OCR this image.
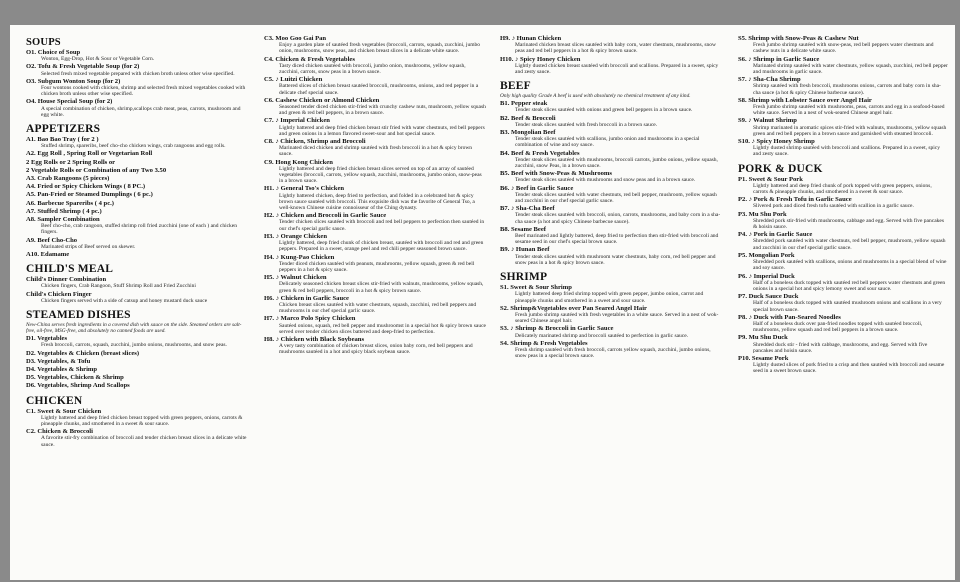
SOUPS
O1. Choice of Soup
Wonton, Egg-Drop, Hot & Sour or Vegetable Corn.
O2. Tofu & Fresh Vegetable Soup (for 2)
Selected fresh mixed vegetable prepared with chicken broth unless other wise specified.
O3. Subgum Wonton Soup (for 2)
Four wontons cooked with chicken, shrimp and selected fresh mixed vegetables cooked with chicken broth unless other wise specified.
O4. House Special Soup (for 2)
A special combination of chicken, shrimp,scallops crab meat, peas, carrots, mushroom and egg white.
APPETIZERS
A1. Bao Bao Tray ( for 2 )
Stuffed shrimp, spareribs, beef cho-cho chicken wings, crab rangoons and egg rolls.
A2. Egg Roll , Spring Roll or Vegetarian Roll
2 Egg Rolls or 2 Spring Rolls or
2 Vegetable Rolls or Combination of any Two 3.50
A3. Crab Rangoons (5 pieces)
A4. Fried or Spicy Chicken Wings ( 8 PC.)
A5. Pan-Fried or Steamed Dumplings ( 6 pc.)
A6. Barbecue Spareribs ( 4 pc.)
A7. Stuffed Shrimp ( 4 pc.)
A8. Sampler Combination
Beef cho-cho, crab rangoon, stuffed shrimp roll fried zucchini (one of each ) and chicken fingers.
A9. Beef Cho-Cho
Marinated strips of Beef served on skewer.
A10. Edamame
CHILD'S MEAL
Child's Dinner Combination
Chicken fingers, Crab Rangoon, Stuff Shrimp Roll and Fried Zucchini
Child's Chicken Finger
Chicken fingers served with a side of catsup and honey mustard duck sauce
STEAMED DISHES
New-China serves fresh ingredients in a covered dish with sauce on the side. Steamed orders are salt-free, oil-free, MSG-free, and absolutely no canned foods are used.
D1. Vegetables
Fresh broccoli, carrots, squash, zucchini, jumbo onions, mushrooms, and snow peas.
D2. Vegetables & Chicken (breast slices)
D3. Vegetables, & Tofu
D4. Vegetables & Shrimp
D5. Vegetables, Chicken & Shrimp
D6. Vegetables, Shrimp And Scallops
CHICKEN
C1. Sweet & Sour Chicken
Lightly battered and deep fried chicken breast topped with green peppers, onions, carrots & pineapple chunks, and smothered in a sweet & sour sauce.
C2. Chicken & Broccoli
A favorite stir-fry combination of broccoli and tender chicken breast slices in a delicate white sauce.
C3. Moo Goo Gai Pan
Enjoy a garden plate of sautéed fresh vegetables (broccoli, carrots, squash, zucchini, jumbo onion, mushrooms, snow peas, and chicken breast slices in a delicate white sauce.
C4. Chicken & Fresh Vegetables
Tasty diced chicken sautéed with broccoli, jumbo onion, mushrooms, yellow squash, zucchini, carrots, snow peas in a brown sauce.
C5. ♪ Luitzi Chicken
Battered slices of chicken breast sautéed broccoli, mushrooms, onions, and red pepper in a delicate chef special sauce.
C6. Cashew Chicken or Almond Chicken
Seasoned tender diced chicken stir-fried with crunchy cashew nuts, mushroom, yellow squash and green & red bell peppers, in a brown sauce.
C7. ♪ Imperial Chicken
Lightly battered and deep fried chicken breast stir fried with water chestnuts, red bell peppers and green onions in a lemon flavored sweet-sour and hot special sauce.
C8. ♪ Chicken, Shrimp and Broccoli
Marinated diced chicken and shrimp sautéed with fresh broccoli in a hot & spicy brown sauce.
C9. Hong Kong Chicken
Lightly battered and deep fried chicken breast slices served on top of an array of sautéed vegetables (broccoli, carrots, yellow squash, zucchini, mushrooms, jumbo onion, snow-peas in a brown sauce.
H1. ♪ General Tso's Chicken
Lightly battered chicken, deep fried to perfection, and folded in a celebrated hot & spicy brown sauce sautéed with broccoli. This exquisite dish was the favorite of General Tso, a well-known Chinese cuisine connoisseur of the Ching dynasty.
H2. ♪ Chicken and Broccoli in Garlic Sauce
Tender chicken slices sautéed with broccoli and red bell peppers to perfection then sautéed in our chef's special garlic sauce.
H3. ♪ Orange Chicken
Lightly battered, deep fried chunk of chicken breast, sautéed with broccoli and red and green peppers. Prepared in a sweet, orange peel and red chili pepper seasoned brown sauce.
H4. ♪ Kung-Pao Chicken
Tender diced chicken sautéed with peanuts, mushrooms, yellow squash, green & red bell peppers in a hot & spicy sauce.
H5. ♪ Walnut Chicken
Delicately seasoned chicken breast slices stir-fried with walnuts, mushrooms, yellow squash, green & red bell peppers, broccoli in a hot & spicy brown sauce.
H6. ♪ Chicken in Garlic Sauce
Chicken breast slices sautéed with water chestnuts, squash, zucchini, red bell peppers and mushrooms in our chef special garlic sauce.
H7. ♪ Marco Polo Spicy Chicken
Sautéed onions, squash, red bell pepper and mushroomst in a special hot & spicy brown sauce served over tender chicken slices battered and deep-fried to perfection.
H8. ♪ Chicken with Black Soybeans
A very tasty combination of chicken breast slices, onion baby corn, red bell peppers and mushrooms sautéed in a hot and spicy black soybean sauce.
H9. ♪ Hunan Chicken
Marinated chicken breast slices sautéed with baby corn, water chestnuts, mushrooms, snow peas and red bell peppers in a hot & spicy brown sauce.
H10. ♪ Spicy Honey Chicken
Lightly dusted chicken breast sautéed with broccoli and scallions. Prepared in a sweet, spicy and zesty sauce.
BEEF
Only high quality Grade A beef is used with absolutely no chemical treatment of any kind.
B1. Pepper steak
Tender steak slices sautéed with onions and green bell peppers in a brown sauce.
B2. Beef & Broccoli
Tender steak slices sautéed with fresh broccoli in a brown sauce.
B3. Mongolian Beef
Tender steak slices sautéed with scallions, jumbo onion and mushrooms in a special combination of wine and soy sauce.
B4. Beef & Fresh Vegetables
Tender steak slices sautéed with mushrooms, broccoli carrots, jumbo onions, yellow squash, zucchini, snow Peas, in a brown sauce.
B5. Beef with Snow-Peas & Mushrooms
Tender steak slices sautéed with mushrooms and snow peas and in a brown sauce.
B6. ♪ Beef in Garlic Sauce
Tender steak slices sautéed with water chestnuts, red bell pepper, mushroom, yellow squash and zucchini in our chef special garlic sauce.
B7. ♪ Sha-Cha Beef
Tender steak slices sautéed with broccoli, onion, carrots, mushrooms, and baby corn in a sha-cha sauce (a hot and spicy Chinese barbecue sauce).
B8. Sesame Beef
Beef marinated and lightly battered, deep fried to perfection then stir-fried with broccoli and sesame seed in our chef's special brown sauce.
B9. ♪ Hunan Beef
Tender steak slices sautéed with mushroom water chestnuts, baby corn, red bell pepper and snow peas in a hot & spicy brown sauce.
SHRIMP
S1. Sweet & Sour Shrimp
Lightly battered deep fried shrimp topped with green pepper, jumbo onion, carrot and pineapple chunks and smothered in a sweet and sour sauce.
S2. Shrimp&Vegetables over Pan Seared Angel Hair
Fresh jumbo shrimp sautéed with fresh vegetables in a white sauce. Served in a nest of wok-seared Chinese angel hair.
S3. ♪ Shrimp & Broccoli in Garlic Sauce
Delicately marinated shrimp and broccoli sautéed to perfection in garlic sauce.
S4. Shrimp & Fresh Vegetables
Fresh shrimp sautéed with fresh broccoli, carrots yellow squash, zucchini, jumbo onions, snow peas in a special brown sauce.
S5. Shrimp with Snow-Peas & Cashew Nut
Fresh jumbo shrimp sautéed with snow-peas, red bell peppers water chestnuts and cashew nuts in a delicate white sauce.
S6. ♪ Shrimp in Garlic Sauce
Marinated shrimp sautéed with water chestnuts, yellow squash, zucchini, red bell pepper and mushrooms in garlic sauce.
S7. ♪ Sha-Cha Shrimp
Shrimp sautéed with fresh broccoli, mushrooms onions, carrots and baby corn in sha-cha sauce (a hot & spicy Chinese barbecue sauce).
S8. Shrimp with Lobster Sauce over Angel Hair
Fresh jumbo shrimp sautéed with mushrooms, peas, carrots and egg in a seafood-based white sauce. Served in a nest of wok-seared Chinese angel hair.
S9. ♪ Walnut Shrimp
Shrimp marinated in aromatic spices stir-fried with walnuts, mushrooms, yellow squash green and red bell peppers in a brown sauce and garnished with steamed broccoli.
S10. ♪ Spicy Honey Shrimp
Lightly dusted shrimp sautéed with broccoli and scallions. Prepared in a sweet, spicy and zesty sauce.
PORK & DUCK
P1. Sweet & Sour Pork
Lightly battered and deep fried chunk of pork topped with green peppers, onions, carrots & pineapple chunks, and smothered in a sweet & sour sauce.
P2. ♪ Pork & Fresh Tofu in Garlic Sauce
Slivered pork and diced fresh tofu sautéed with scallion in a garlic sauce.
P3. Mu Shu Pork
Shredded pork stir-fried with mushrooms, cabbage and egg. Served with five pancakes & hoisin sauce.
P4. ♪ Pork in Garlic Sauce
Shredded pork sautéed with water chestnuts, red bell pepper, mushroom, yellow squash and zucchini in our chef special garlic sauce.
P5. Mongolian Pork
Shredded pork sautéed with scallions, onions and mushrooms in a special blend of wine and soy sauce.
P6. ♪ Imperial Duck
Half of a boneless duck topped with sautéed red bell peppers water chestnuts and green onions in a special hot and spicy lemony sweet and sour sauce.
P7. Duck Sauce Duck
Half of a boneless duck topped with sautéed mushroom onions and scallions in a very special brown sauce.
P8. ♪ Duck with Pan-Seared Noodles
Half of a boneless duck over pan-fried noodles topped with sautéed broccoli, mushrooms, yellow squash and red bell peppers in a brown sauce.
P9. Mu Shu Duck
Shredded duck stir - fried with cabbage, mushrooms, and egg. Served with five pancakes and hoisin sauce.
P10. Sesame Pork
Lightly dusted slices of pork fried to a crisp and then sautéed with broccoli and sesame seed in a sweet brown sauce.
